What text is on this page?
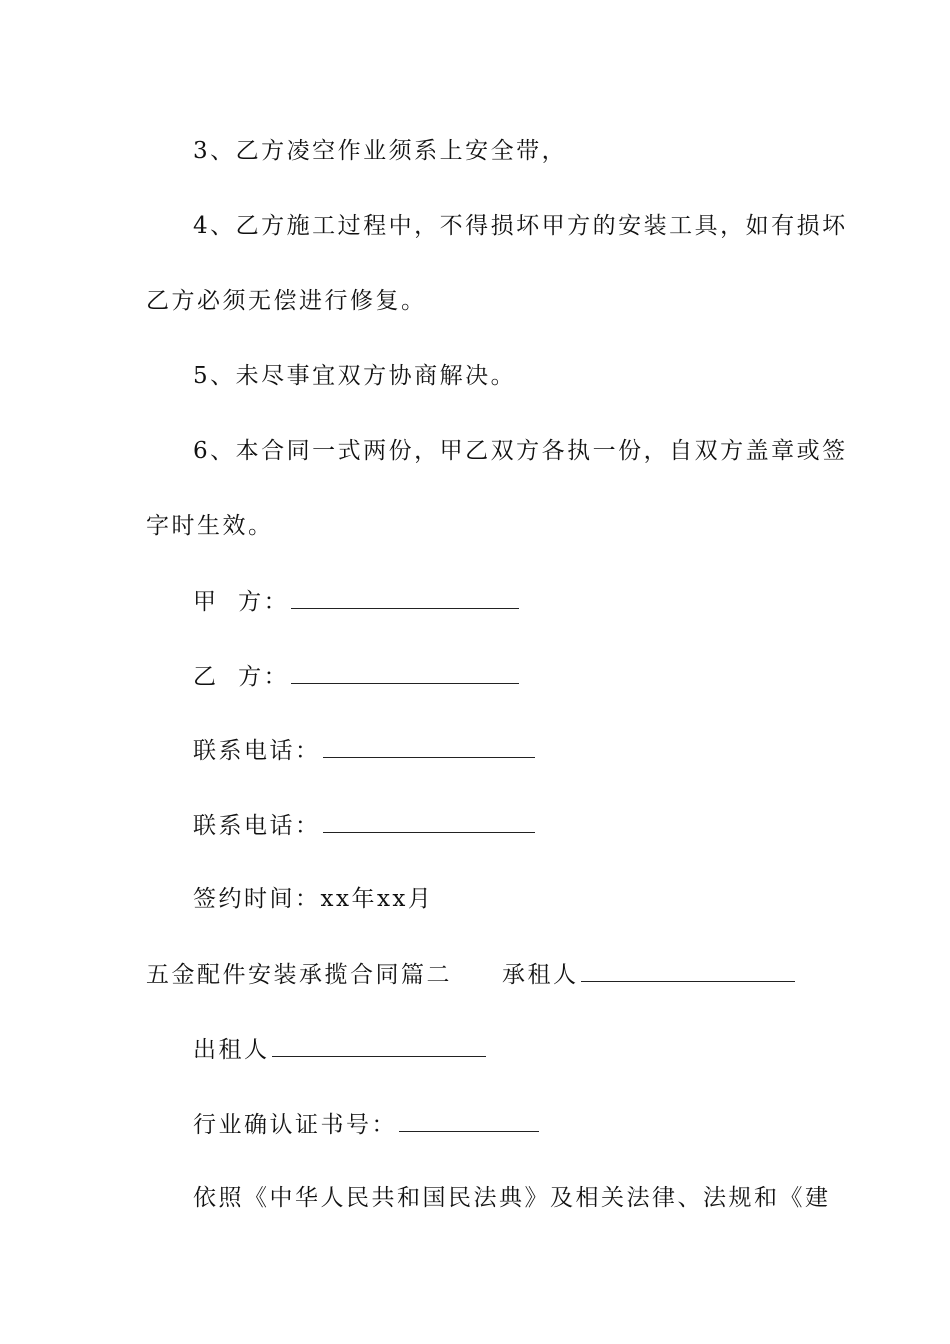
3、乙方凌空作业须系上安全带，
4、乙方施工过程中，不得损坏甲方的安装工具，如有损坏
乙方必须无偿进行修复。
5、未尽事宜双方协商解决。
6、本合同一式两份，甲乙双方各执一份，自双方盖章或签
字时生效。
甲  方：
乙  方：
联系电话：
联系电话：
签约时间：xx年xx月
五金配件安装承揽合同篇二 承租人
出租人
行业确认证书号：
依照《中华人民共和国民法典》及相关法律、法规和《建
